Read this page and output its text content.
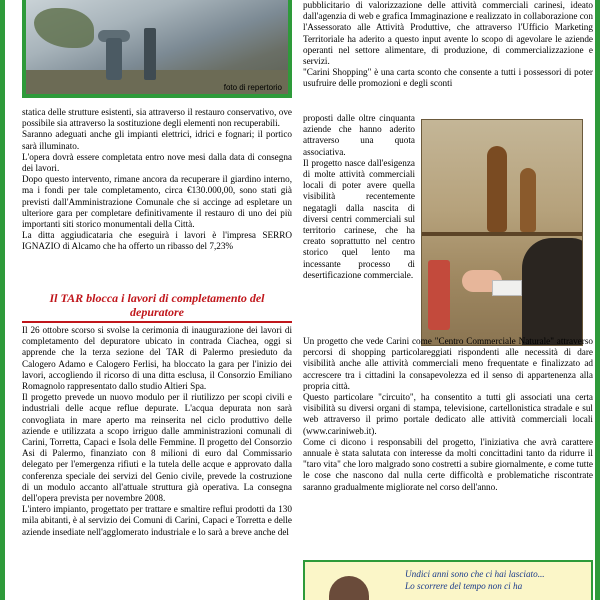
foto di repertorio

statica delle strutture esistenti, sia attraverso il restauro conservativo, ove possibile sia attraverso la sostituzione degli elementi non recuperabili.

Saranno adeguati anche gli impianti elettrici, idrici e fognari; il portico sarà illuminato.

L'opera dovrà essere completata entro nove mesi dalla data di consegna dei lavori.

Dopo questo intervento, rimane ancora da recuperare il giardino interno, ma i fondi per tale completamento, circa €130.000,00, sono stati già previsti dall'Amministrazione Comunale che si accinge ad espletare un ulteriore gara per completare definitivamente il restauro di uno dei più importanti siti storico monumentali della Città.

La ditta aggiudicataria che eseguirà i lavori è l'impresa SERRO IGNAZIO di Alcamo che ha offerto un ribasso del 7,23%

Il TAR blocca i lavori di completamento del depuratore

Il 26 ottobre scorso si svolse la cerimonia di inaugurazione dei lavori di completamento del depuratore ubicato in contrada Ciachea, oggi si apprende che la terza sezione del TAR di Palermo presieduto da Calogero Adamo e Calogero Ferlisi, ha bloccato la gara per l'inizio dei lavori, accogliendo il ricorso di una ditta esclusa, il Consorzio Emiliano Romagnolo rappresentato dallo studio Altieri Spa.

Il progetto prevede un nuovo modulo per il riutilizzo per scopi civili e industriali delle acque reflue depurate. L'acqua depurata non sarà convogliata in mare aperto ma reinserita nel ciclo produttivo delle aziende e utilizzata a scopo irriguo dalle amministrazioni comunali di Carini, Torretta, Capaci e Isola delle Femmine. Il progetto del Consorzio Asi di Palermo, finanziato con 8 milioni di euro dal Commissario delegato per l'emergenza rifiuti e la tutela delle acque e approvato dalla conferenza speciale dei servizi del Genio civile, prevede la costruzione di un modulo accanto all'attuale struttura già operativa. La consegna dell'opera prevista per novembre 2008.

L'intero impianto, progettato per trattare e smaltire reflui prodotti da 130 mila abitanti, è al servizio dei Comuni di Carini, Capaci e Torretta e delle aziende insediate nell'agglomerato industriale e lo sarà a breve anche del

pubblicitario di valorizzazione delle attività commerciali carinesi, ideato dall'agenzia di web e grafica Immaginazione e realizzato in collaborazione con l'Assessorato alle Attività Produttive, che attraverso l'Ufficio Marketing Territoriale ha aderito a questo input avente lo scopo di agevolare le aziende operanti nel settore alimentare, di produzione, di commercializzazione e servizi.

"Carini Shopping" è una carta sconto che consente a tutti i possessori di poter usufruire delle promozioni e degli sconti

proposti dalle oltre cinquanta aziende che hanno aderito attraverso una quota associativa.

Il progetto nasce dall'esigenza di molte attività commerciali locali di poter avere quella visibilità recentemente negatagli dalla nascita di diversi centri commerciali sul territorio carinese, che ha creato soprattutto nel centro storico quel lento ma incessante processo di desertificazione commerciale.

Un progetto che vede Carini come "Centro Commerciale Naturale" attraverso percorsi di shopping particolareggiati rispondenti alle necessità di dare visibilità anche alle attività commerciali meno frequentate e finalizzato ad accrescere tra i cittadini la consapevolezza ed il senso di appartenenza alla propria città.

Questo particolare "circuito", ha consentito a tutti gli associati una certa visibilità su diversi organi di stampa, televisione, cartellonistica stradale e sul web attraverso il primo portale dedicato alle attività commerciali locali (www.cariniweb.it).

Come ci dicono i responsabili del progetto, l'iniziativa che avrà carattere annuale è stata salutata con interesse da molti concittadini tanto da ridurre il "taro vita" che loro malgrado sono costretti a subire giornalmente, e come tutte le cose che nascono dal nulla certe difficoltà e problematiche riscontrate saranno gradualmente migliorate nel corso dell'anno.

Undici anni sono che ci hai lasciato...
Lo scorrere del tempo non ci ha
